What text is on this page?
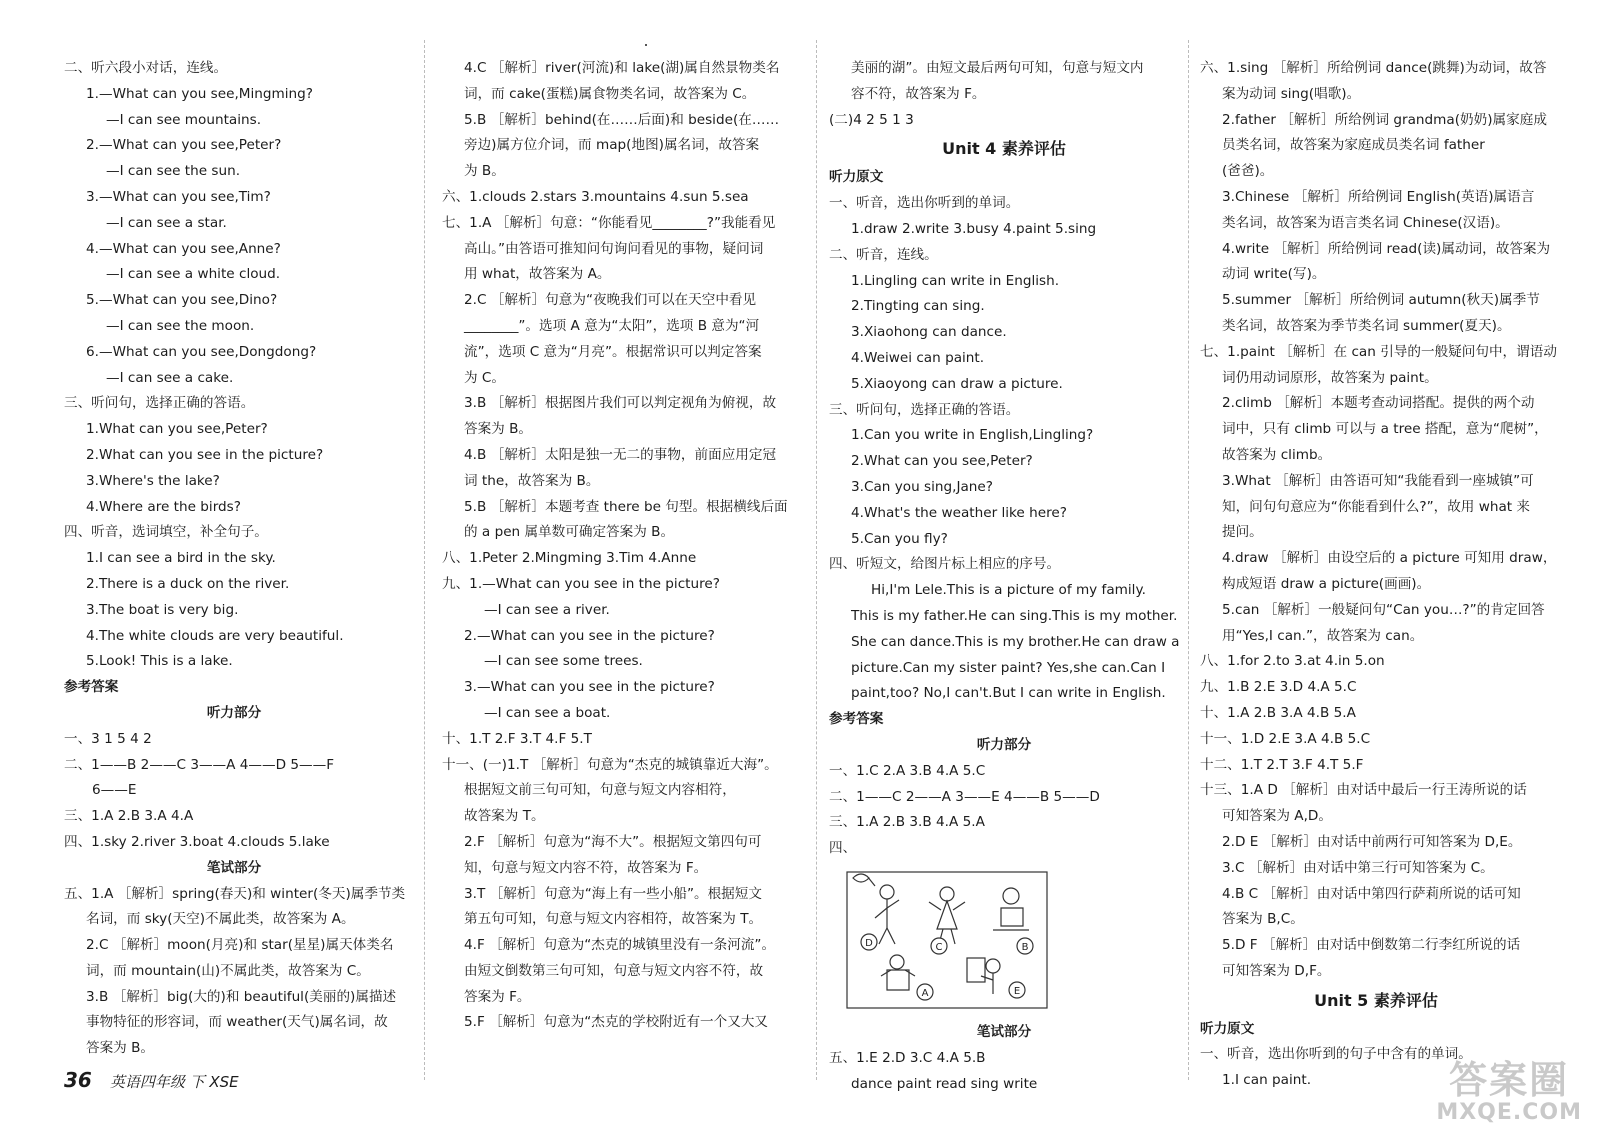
二、听六段小对话，连线。
1.—What can you see,Mingming?
—I can see mountains.
2.—What can you see,Peter?
—I can see the sun.
3.—What can you see,Tim?
—I can see a star.
4.—What can you see,Anne?
—I can see a white cloud.
5.—What can you see,Dino?
—I can see the moon.
6.—What can you see,Dongdong?
—I can see a cake.
三、听问句，选择正确的答语。
1.What can you see,Peter?
2.What can you see in the picture?
3.Where's the lake?
4.Where are the birds?
四、听音，选词填空，补全句子。
1.I can see a bird in the sky.
2.There is a duck on the river.
3.The boat is very big.
4.The white clouds are very beautiful.
5.Look! This is a lake.
参考答案
听力部分
一、3 1 5 4 2
二、1——B 2——C 3——A 4——D 5——F
6——E
三、1.A 2.B 3.A 4.A
四、1.sky 2.river 3.boat 4.clouds 5.lake
笔试部分
五、1.A ［解析］spring(春天)和 winter(冬天)属季节类
名词，而 sky(天空)不属此类，故答案为 A。
2.C ［解析］moon(月亮)和 star(星星)属天体类名
词，而 mountain(山)不属此类，故答案为 C。
3.B ［解析］big(大的)和 beautiful(美丽的)属描述
事物特征的形容词，而 weather(天气)属名词，故
答案为 B。
4.C ［解析］river(河流)和 lake(湖)属自然景物类名
词，而 cake(蛋糕)属食物类名词，故答案为 C。
5.B ［解析］behind(在……后面)和 beside(在……
旁边)属方位介词，而 map(地图)属名词，故答案
为 B。
六、1.clouds 2.stars 3.mountains 4.sun 5.sea
七、1.A ［解析］句意：“你能看见________?”我能看见
高山。”由答语可推知问句询问看见的事物，疑问词
用 what，故答案为 A。
2.C ［解析］句意为“夜晚我们可以在天空中看见
________”。选项 A 意为“太阳”，选项 B 意为“河
流”，选项 C 意为“月亮”。根据常识可以判定答案
为 C。
3.B ［解析］根据图片我们可以判定视角为俯视，故
答案为 B。
4.B ［解析］太阳是独一无二的事物，前面应用定冠
词 the，故答案为 B。
5.B ［解析］本题考查 there be 句型。根据横线后面
的 a pen 属单数可确定答案为 B。
八、1.Peter 2.Mingming 3.Tim 4.Anne
九、1.—What can you see in the picture?
—I can see a river.
2.—What can you see in the picture?
—I can see some trees.
3.—What can you see in the picture?
—I can see a boat.
十、1.T 2.F 3.T 4.F 5.T
十一、(一)1.T ［解析］句意为“杰克的城镇靠近大海”。
根据短文前三句可知，句意与短文内容相符，
故答案为 T。
2.F ［解析］句意为“海不大”。根据短文第四句可
知，句意与短文内容不符，故答案为 F。
3.T ［解析］句意为“海上有一些小船”。根据短文
第五句可知，句意与短文内容相符，故答案为 T。
4.F ［解析］句意为“杰克的城镇里没有一条河流”。
由短文倒数第三句可知，句意与短文内容不符，故
答案为 F。
5.F ［解析］句意为“杰克的学校附近有一个又大又
美丽的湖”。由短文最后两句可知，句意与短文内
容不符，故答案为 F。
(二)4 2 5 1 3
Unit 4 素养评估
听力原文
一、听音，选出你听到的单词。
1.draw 2.write 3.busy 4.paint 5.sing
二、听音，连线。
1.Lingling can write in English.
2.Tingting can sing.
3.Xiaohong can dance.
4.Weiwei can paint.
5.Xiaoyong can draw a picture.
三、听问句，选择正确的答语。
1.Can you write in English,Lingling?
2.What can you see,Peter?
3.Can you sing,Jane?
4.What's the weather like here?
5.Can you fly?
四、听短文，给图片标上相应的序号。
Hi,I'm Lele.This is a picture of my family.
This is my father.He can sing.This is my mother.
She can dance.This is my brother.He can draw a
picture.Can my sister paint? Yes,she can.Can I
paint,too? No,I can't.But I can write in English.
参考答案
听力部分
一、1.C 2.A 3.B 4.A 5.C
二、1——C 2——A 3——E 4——B 5——D
三、1.A 2.B 3.B 4.A 5.A
四、
D	C	B
A	E
笔试部分
五、1.E 2.D 3.C 4.A 5.B
dance paint read sing write
六、1.sing ［解析］所给例词 dance(跳舞)为动词，故答
案为动词 sing(唱歌)。
2.father ［解析］所给例词 grandma(奶奶)属家庭成
员类名词，故答案为家庭成员类名词 father
(爸爸)。
3.Chinese ［解析］所给例词 English(英语)属语言
类名词，故答案为语言类名词 Chinese(汉语)。
4.write ［解析］所给例词 read(读)属动词，故答案为
动词 write(写)。
5.summer ［解析］所给例词 autumn(秋天)属季节
类名词，故答案为季节类名词 summer(夏天)。
七、1.paint ［解析］在 can 引导的一般疑问句中，谓语动
词仍用动词原形，故答案为 paint。
2.climb ［解析］本题考查动词搭配。提供的两个动
词中，只有 climb 可以与 a tree 搭配，意为“爬树”，
故答案为 climb。
3.What ［解析］由答语可知“我能看到一座城镇”可
知，问句句意应为“你能看到什么?”，故用 what 来
提问。
4.draw ［解析］由设空后的 a picture 可知用 draw，
构成短语 draw a picture(画画)。
5.can ［解析］一般疑问句“Can you…?”的肯定回答
用“Yes,I can.”，故答案为 can。
八、1.for 2.to 3.at 4.in 5.on
九、1.B 2.E 3.D 4.A 5.C
十、1.A 2.B 3.A 4.B 5.A
十一、1.D 2.E 3.A 4.B 5.C
十二、1.T 2.T 3.F 4.T 5.F
十三、1.A D ［解析］由对话中最后一行王涛所说的话
可知答案为 A,D。
2.D E ［解析］由对话中前两行可知答案为 D,E。
3.C ［解析］由对话中第三行可知答案为 C。
4.B C ［解析］由对话中第四行萨莉所说的话可知
答案为 B,C。
5.D F ［解析］由对话中倒数第二行李红所说的话
可知答案为 D,F。
Unit 5 素养评估
听力原文
一、听音，选出你听到的句子中含有的单词。
1.I can paint.
36 英语四年级 下 XSE	答案圈
MXQE.COM
